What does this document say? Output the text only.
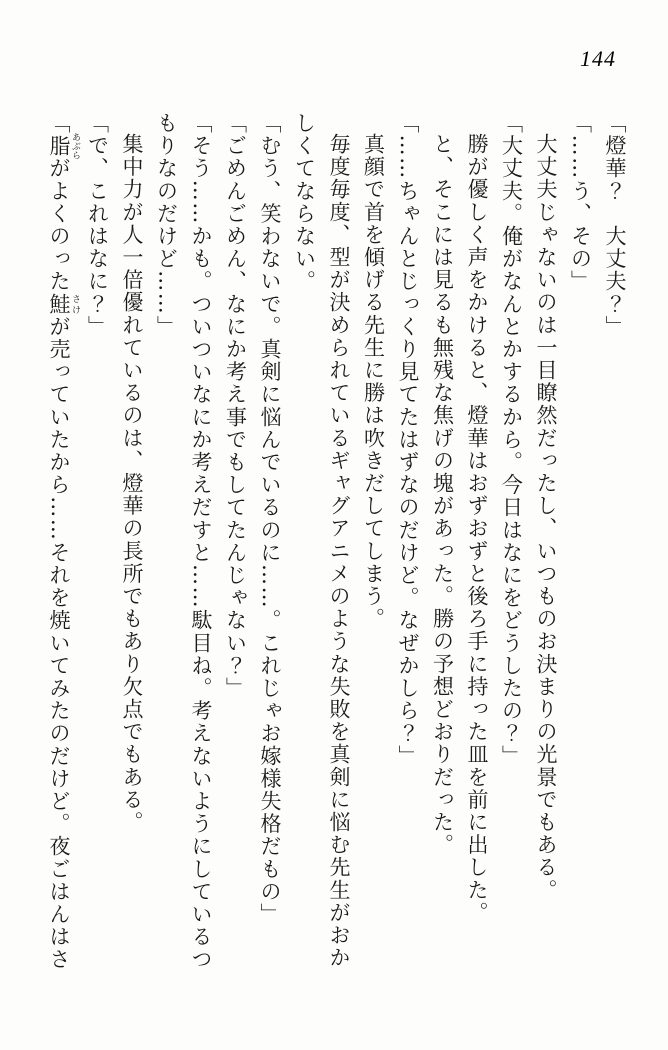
144

「燈華？　大丈夫？」

「……う、その」

大丈夫じゃないのは一目瞭然だったし、いつものお決まりの光景でもある。

「大丈夫。俺がなんとかするから。今日はなにをどうしたの？」

勝が優しく声をかけると、燈華はおずおずと後ろ手に持った皿を前に出した。

と、そこには見るも無残な焦げの塊があった。勝の予想どおりだった。

「……ちゃんとじっくり見てたはずなのだけど。なぜかしら？」

真顔で首を傾げる先生に勝は吹きだしてしまう。

毎度毎度、型が決められているギャグアニメのような失敗を真剣に悩む先生がおかしくてならない。

「むう、笑わないで。真剣に悩んでいるのに……。これじゃお嫁様失格だもの」

「ごめんごめん、なにか考え事でもしてたんじゃない？」

「そう……かも。ついついなにか考えだすと……駄目ね。考えないようにしているつもりなのだけど……」

集中力が人一倍優れているのは、燈華の長所でもあり欠点でもある。

「で、これはなに？」

「脂 あぶらがよくのった鮭 さけが売っていたから……それを焼いてみたのだけど。夜ごはんはさ
